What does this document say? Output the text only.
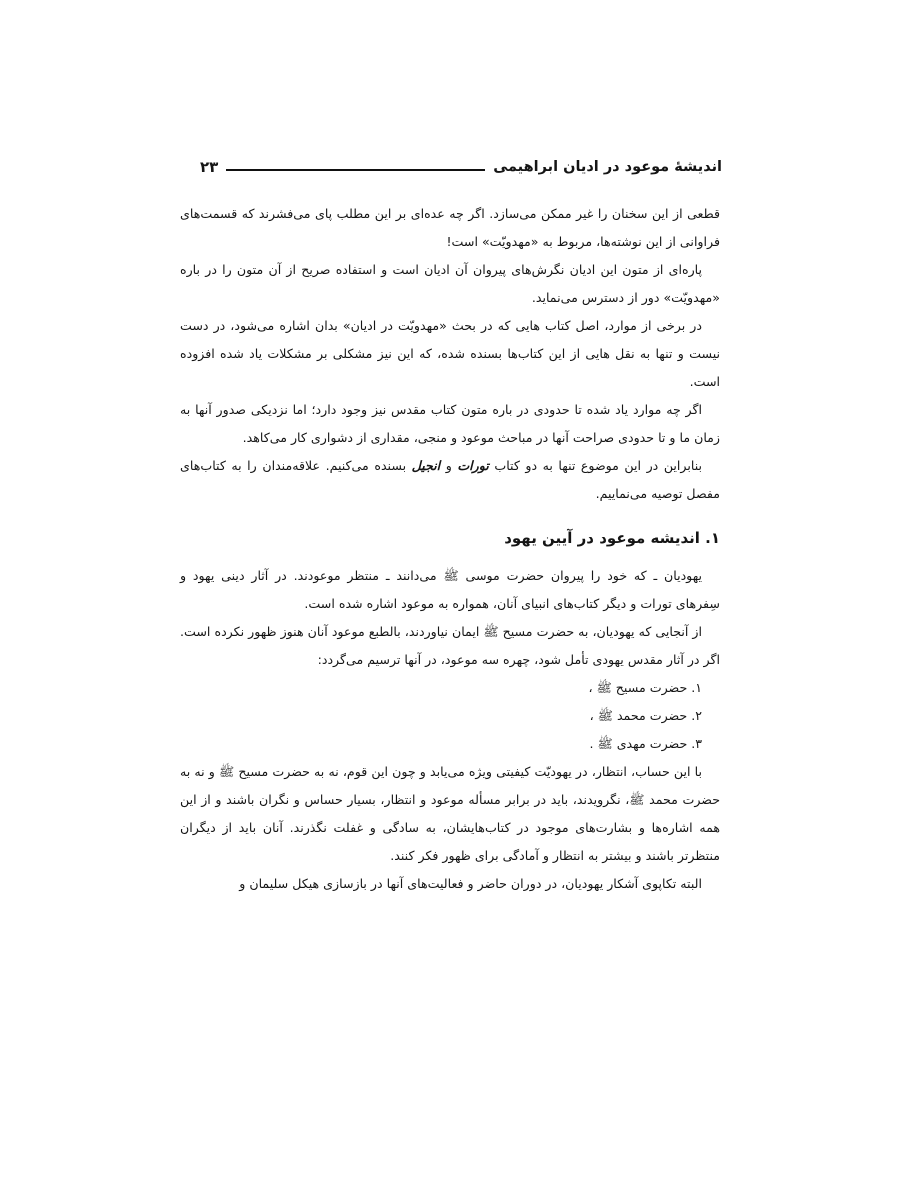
اندیشهٔ موعود در ادیان ابراهیمی
۲۳

قطعی از این سخنان را غیر ممکن می‌سازد. اگر چه عده‌ای بر این مطلب پای می‌فشرند که قسمت‌های فراوانی از این نوشته‌ها، مربوط به «مهدویّت» است!

پاره‌ای از متون این ادیان نگرش‌های پیروان آن ادیان است و استفاده صریح از آن متون را در باره «مهدویّت» دور از دسترس می‌نماید.

در برخی از موارد، اصل کتاب هایی که در بحث «مهدویّت در ادیان» بدان اشاره می‌شود، در دست نیست و تنها به نقل هایی از این کتاب‌ها بسنده شده، که این نیز مشکلی بر مشکلات یاد شده افزوده است.

اگر چه موارد یاد شده تا حدودی در باره متون کتاب مقدس نیز وجود دارد؛ اما نزدیکی صدور آنها به زمان ما و تا حدودی صراحت آنها در مباحث موعود و منجی، مقداری از دشواری کار می‌کاهد.

بنابراین در این موضوع تنها به دو کتاب تورات و انجیل بسنده می‌کنیم. علاقه‌مندان را به کتاب‌های مفصل توصیه می‌نماییم.

۱. اندیشه موعود در آیین یهود

یهودیان ـ که خود را پیروان حضرت موسی ﷺ می‌دانند ـ منتظر موعودند. در آثار دینی یهود و سِفرهای تورات و دیگر کتاب‌های انبیای آنان، همواره به موعود اشاره شده است.

از آنجایی که یهودیان، به حضرت مسیح ﷺ ایمان نیاوردند، بالطبع موعود آنان هنوز ظهور نکرده است. اگر در آثار مقدس یهودی تأمل شود، چهره سه موعود، در آنها ترسیم می‌گردد:

۱. حضرت مسیح ﷺ ،

۲. حضرت محمد ﷺ ،

۳. حضرت مهدی ﷺ .

با این حساب، انتظار، در یهودیّت کیفیتی ویژه می‌یابد و چون این قوم، نه به حضرت مسیح ﷺ و نه به حضرت محمد ﷺ، نگرویدند، باید در برابر مسأله موعود و انتظار، بسیار حساس و نگران باشند و از این همه اشاره‌ها و بشارت‌های موجود در کتاب‌هایشان، به سادگی و غفلت نگذرند. آنان باید از دیگران منتظرتر باشند و بیشتر به انتظار و آمادگی برای ظهور فکر کنند.

البته تکاپوی آشکار یهودیان، در دوران حاضر و فعالیت‌های آنها در بازسازی هیکل سلیمان و
